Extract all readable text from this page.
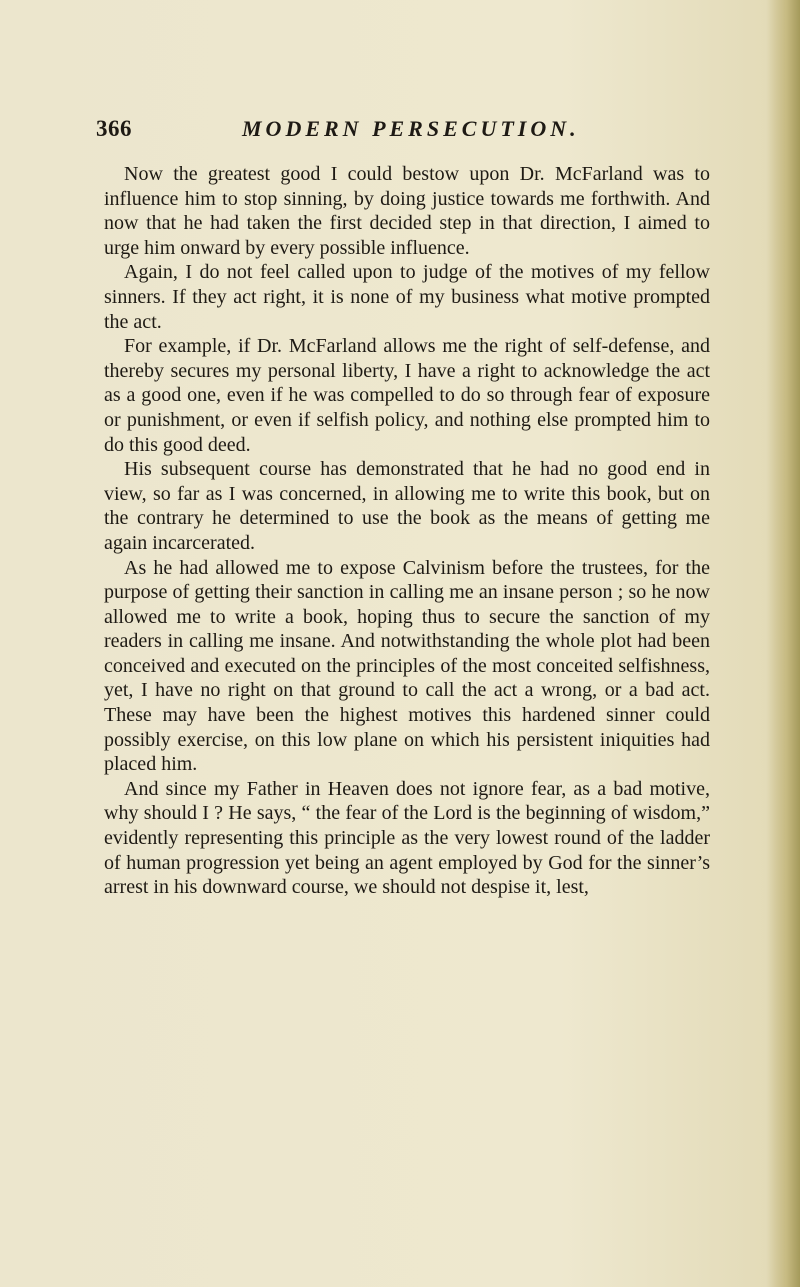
366	MODERN PERSECUTION.

Now the greatest good I could bestow upon Dr. McFarland was to influence him to stop sinning, by doing justice towards me forthwith. And now that he had taken the first decided step in that direction, I aimed to urge him onward by every possible influence.

Again, I do not feel called upon to judge of the motives of my fellow sinners. If they act right, it is none of my business what motive prompted the act.

For example, if Dr. McFarland allows me the right of self-defense, and thereby secures my personal liberty, I have a right to acknowledge the act as a good one, even if he was compelled to do so through fear of exposure or punishment, or even if selfish policy, and nothing else prompted him to do this good deed.

His subsequent course has demonstrated that he had no good end in view, so far as I was concerned, in allowing me to write this book, but on the contrary he determined to use the book as the means of getting me again incarcerated.

As he had allowed me to expose Calvinism before the trustees, for the purpose of getting their sanction in calling me an insane person ; so he now allowed me to write a book, hoping thus to secure the sanction of my readers in calling me insane. And notwithstanding the whole plot had been conceived and executed on the principles of the most conceited selfishness, yet, I have no right on that ground to call the act a wrong, or a bad act. These may have been the highest motives this hardened sinner could possibly exercise, on this low plane on which his persistent iniquities had placed him.

And since my Father in Heaven does not ignore fear, as a bad motive, why should I ? He says, “ the fear of the Lord is the beginning of wisdom,” evidently representing this principle as the very lowest round of the ladder of human progression yet being an agent employed by God for the sinner’s arrest in his downward course, we should not despise it, lest,
